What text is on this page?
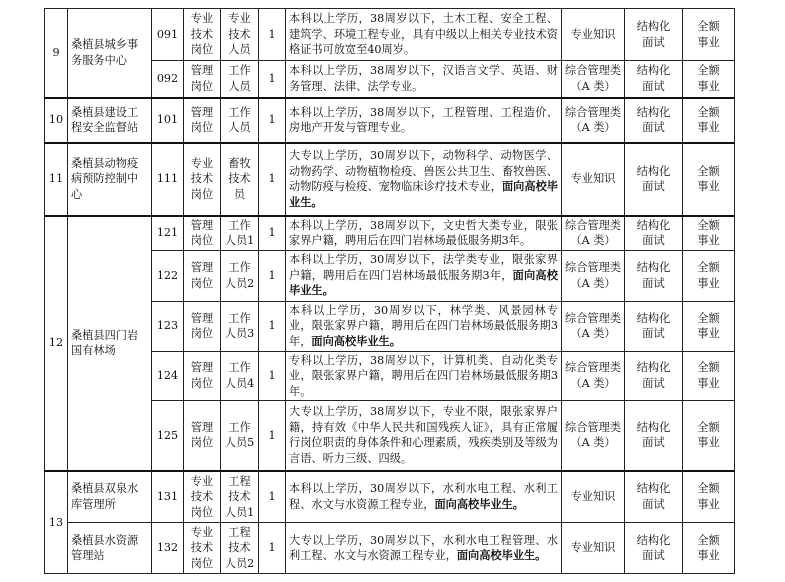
9	桑植县城乡事
务服务中心	091	专业
技术
岗位	专业
技术
人员	1	本科以上学历，38周岁以下，土木工程、安全工程、建筑学、环境工程专业，具有中级以上相关专业技术资格证书可放宽至40周岁。	专业知识	结构化
面试	全额
事业
		092	管理
岗位	工作
人员	1	本科以上学历，38周岁以下，汉语言文学、英语、财务管理、法律、法学专业。	综合管理类
（A 类）	结构化
面试	全额
事业
10	桑植县建设工
程安全监督站	101	管理
岗位	工作
人员	1	本科以上学历，38周岁以下，工程管理、工程造价、房地产开发与管理专业。	综合管理类
（A 类）	结构化
面试	全额
事业
11	桑植县动物疫
病预防控制中
心	111	专业
技术
岗位	畜牧
技术
员	1	大专以上学历，30周岁以下，动物科学、动物医学、动物药学、动物植物检疫、兽医公共卫生、畜牧兽医、动物防疫与检疫、宠物临床诊疗技术专业，面向高校毕业生。	专业知识	结构化
面试	全额
事业
12	桑植县四门岩
国有林场	121	管理
岗位	工作
人员1	1	本科以上学历，38周岁以下，文史哲大类专业，限张家界户籍，聘用后在四门岩林场最低服务期3年。	综合管理类
（A 类）	结构化
面试	全额
事业
		122	管理
岗位	工作
人员2	1	本科以上学历，30周岁以下，法学类专业，限张家界户籍，聘用后在四门岩林场最低服务期3年，面向高校毕业生。	综合管理类
（A 类）	结构化
面试	全额
事业
		123	管理
岗位	工作
人员3	1	本科以上学历，30周岁以下，林学类、风景园林专业，限张家界户籍，聘用后在四门岩林场最低服务期3年，面向高校毕业生。	综合管理类
（A 类）	结构化
面试	全额
事业
		124	管理
岗位	工作
人员4	1	专科以上学历，38周岁以下，计算机类、自动化类专业，限张家界户籍，聘用后在四门岩林场最低服务期3年。	综合管理类
（A 类）	结构化
面试	全额
事业
		125	管理
岗位	工作
人员5	1	大专以上学历，38周岁以下，专业不限，限张家界户籍，持有效《中华人民共和国残疾人证》，具有正常履行岗位职责的身体条件和心理素质，残疾类别及等级为言语、听力三级、四级。	综合管理类
（A 类）	结构化
面试	全额
事业
13	桑植县双泉水
库管理所	131	专业
技术
岗位	工程
技术
人员1	1	本科以上学历，30周岁以下，水利水电工程、水利工程、水文与水资源工程专业，面向高校毕业生。	专业知识	结构化
面试	全额
事业

	桑植县水资源
管理站	132	专业
技术
岗位	工程
技术
人员2	1	大专以上学历，30周岁以下，水利水电工程管理、水利工程、水文与水资源工程专业，面向高校毕业生。	专业知识	结构化
面试	全额
事业
